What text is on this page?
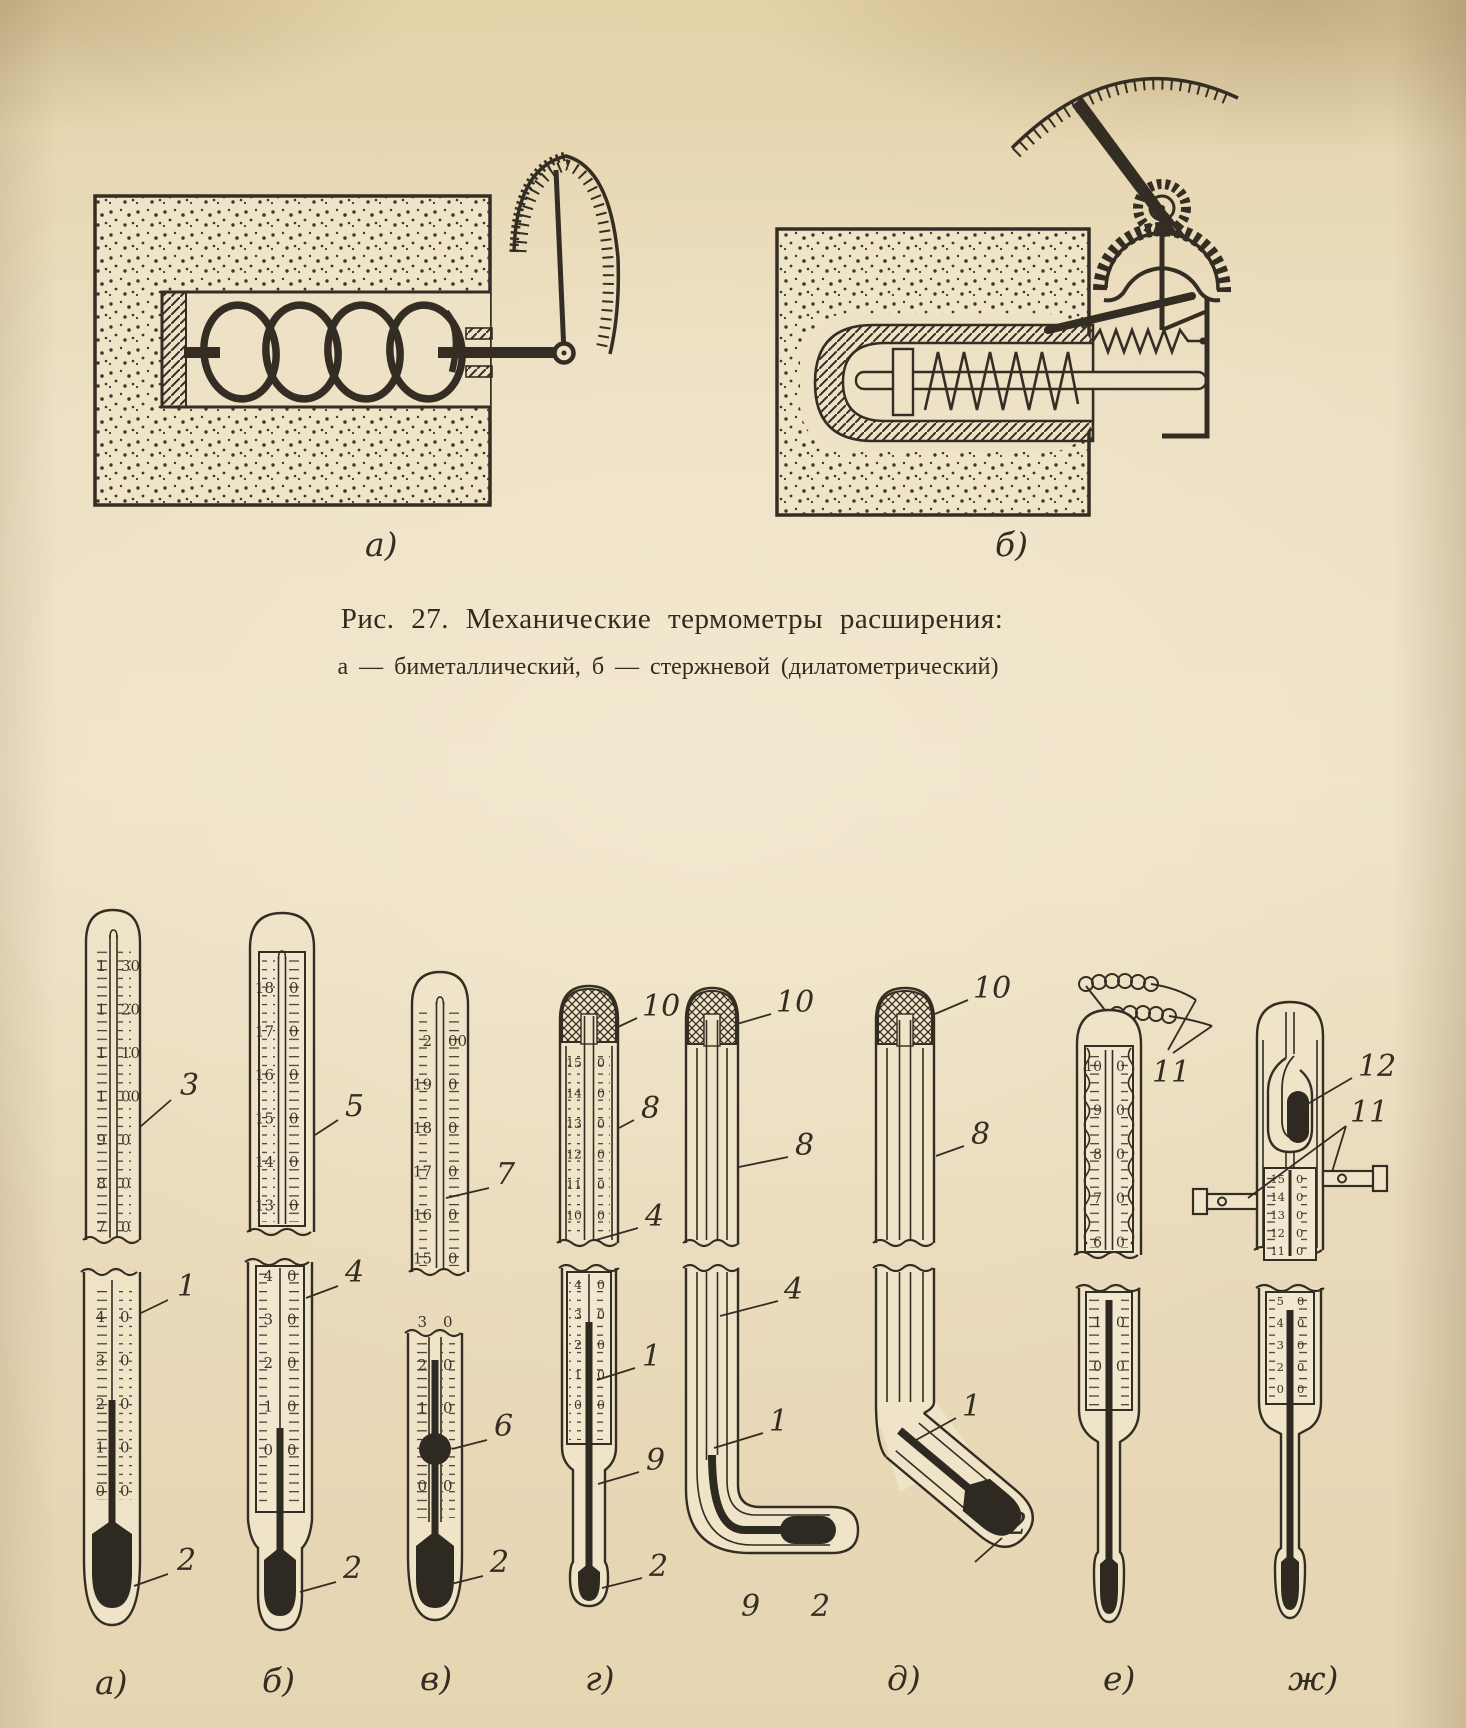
а)	б)
Рис. 27. Механические термометры расширения:
а — биметаллический, б — стержневой (дилатометрический)
1 30
1 20
1 10
1 00
9 0
8 0
7 0
3
4 0
3 0
2 0
1 0
0 0
1
2
а)
18 0
17 0
16 0
15 0
14 0
13 0
5
4 0
3 0
2 0
1 0
0 0
4
2
б)
2 00
19 0
18 0
17 0
16 0
15 0
7
3 0
2 0
1 0
0 0
6
2
в)
15 0
14 0
13 0
12 0
11 0
10 0
10
8
4
4 0
3 0
2 0
1 0
0 0
1
9
2
г)
10
8
4
1
9 2
10
8
1
2
д)
11
10 0
9 0
8 0
7 0
6 0
1 0
0 0
е)
15 0
14 0
13 0
12 0
11 0
12
11
5 0
4 0
3 0
2 0
0 0
ж)
